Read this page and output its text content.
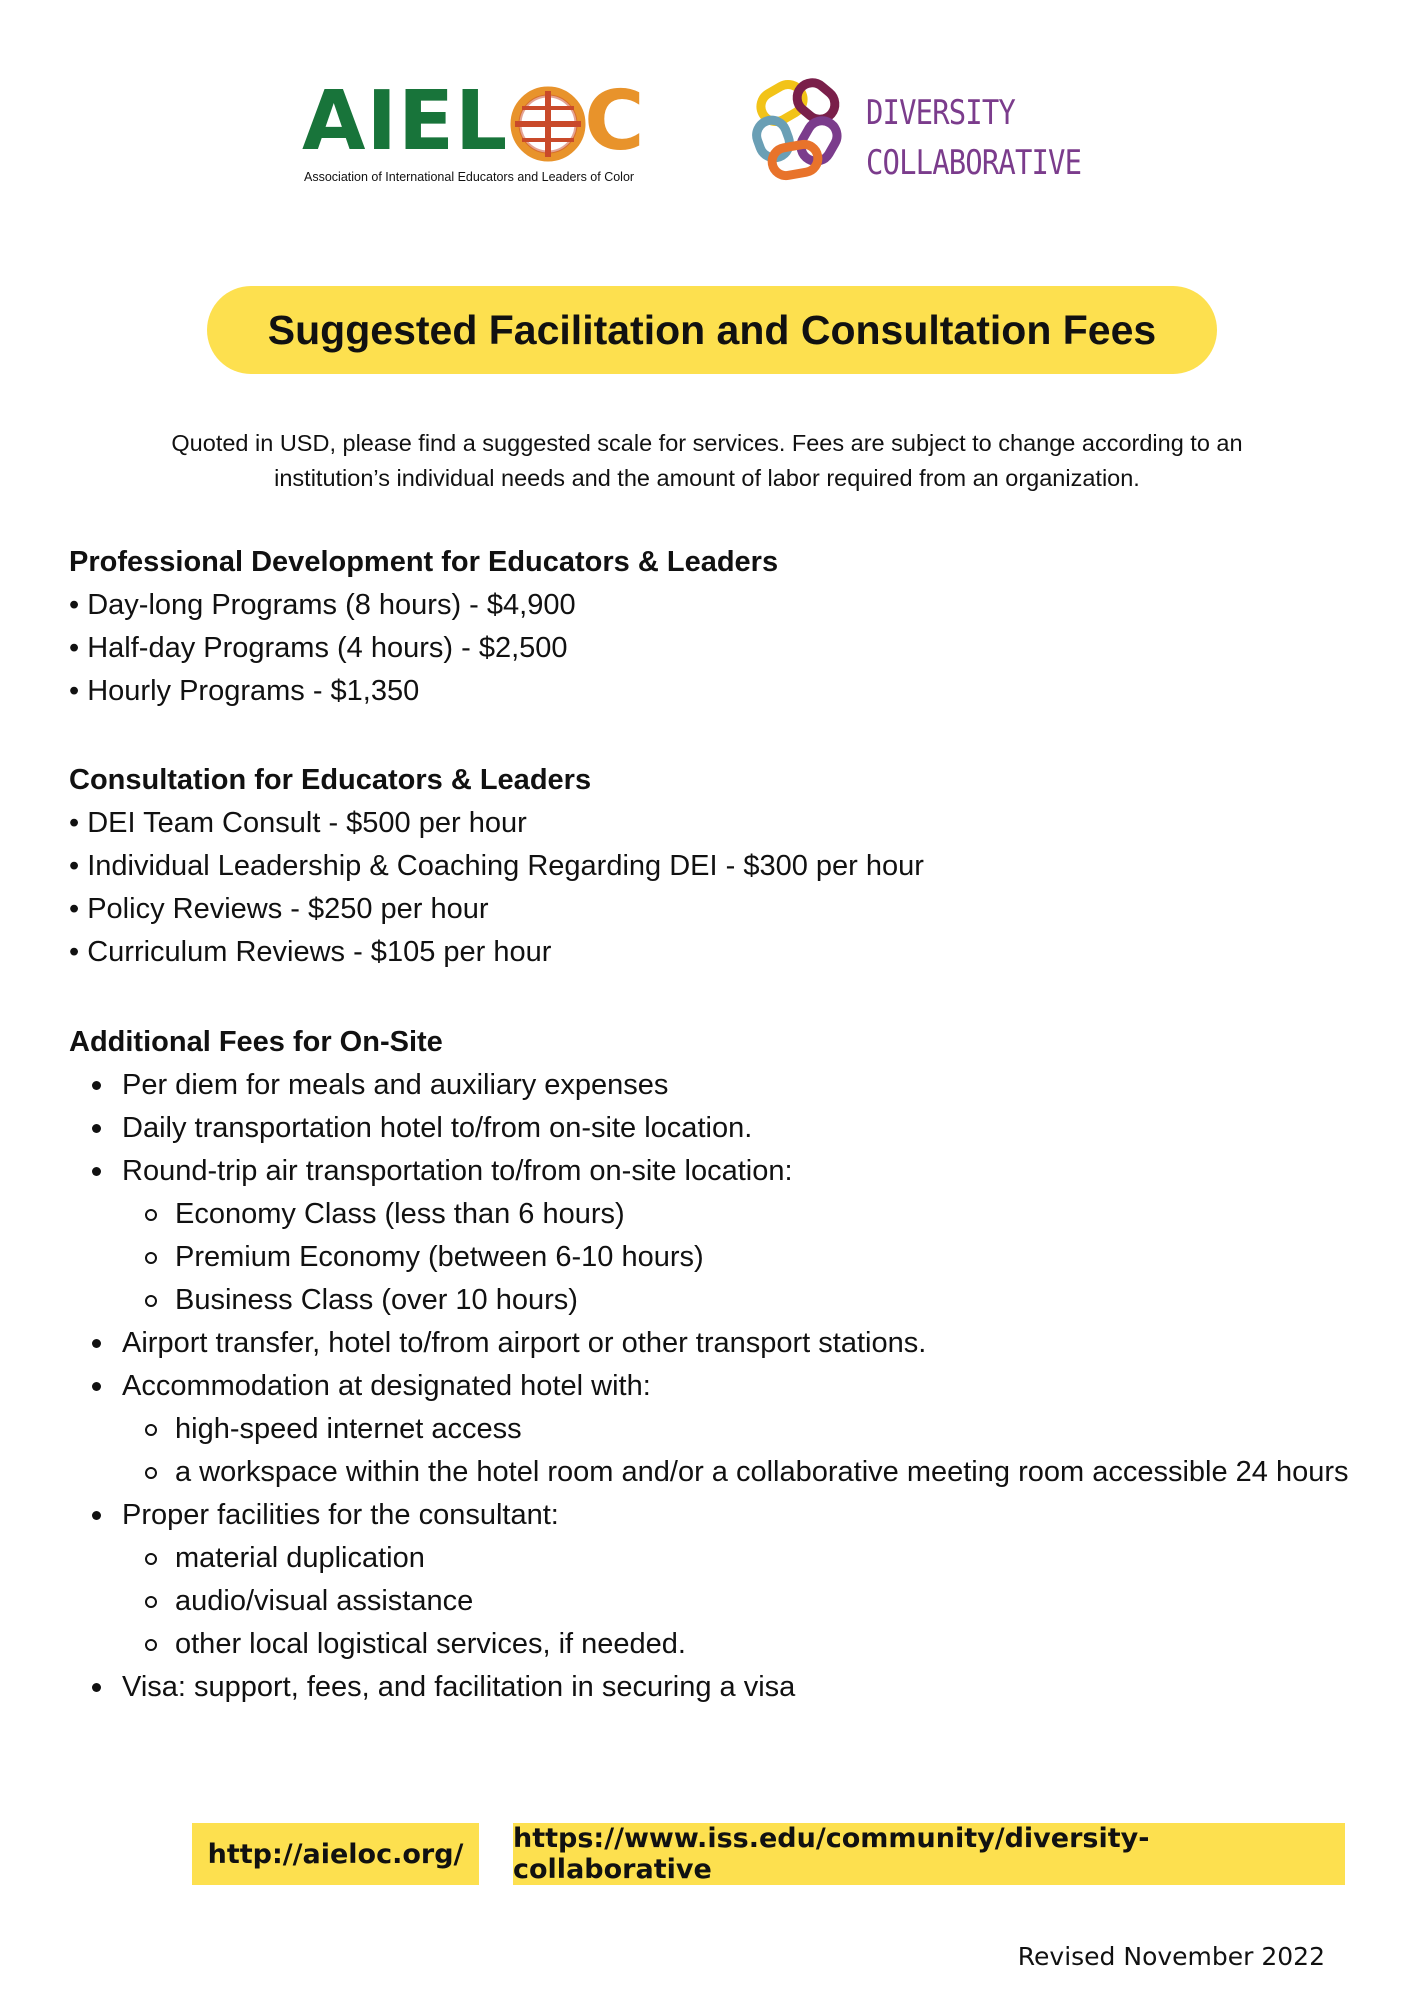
AIEL C
Association of International Educators and Leaders of Color
DIVERSITY
COLLABORATIVE
Suggested Facilitation and Consultation Fees
Quoted in USD, please find a suggested scale for services. Fees are subject to change according to an
institution’s individual needs and the amount of labor required from an organization.
Professional Development for Educators & Leaders
• Day-long Programs (8 hours) - $4,900
• Half-day Programs (4 hours) - $2,500
• Hourly Programs - $1,350
Consultation for Educators & Leaders
• DEI Team Consult - $500 per hour
• Individual Leadership & Coaching Regarding DEI - $300 per hour
• Policy Reviews - $250 per hour
• Curriculum Reviews - $105 per hour
Additional Fees for On-Site
Per diem for meals and auxiliary expenses
Daily transportation hotel to/from on-site location.
Round-trip air transportation to/from on-site location:
Economy Class (less than 6 hours)
Premium Economy (between 6-10 hours)
Business Class (over 10 hours)
Airport transfer, hotel to/from airport or other transport stations.
Accommodation at designated hotel with:
high-speed internet access
a workspace within the hotel room and/or a collaborative meeting room accessible 24 hours
Proper facilities for the consultant:
material duplication
audio/visual assistance
other local logistical services, if needed.
Visa: support, fees, and facilitation in securing a visa
http://aieloc.org/	https://www.iss.edu/community/diversity-collaborative
Revised November 2022
